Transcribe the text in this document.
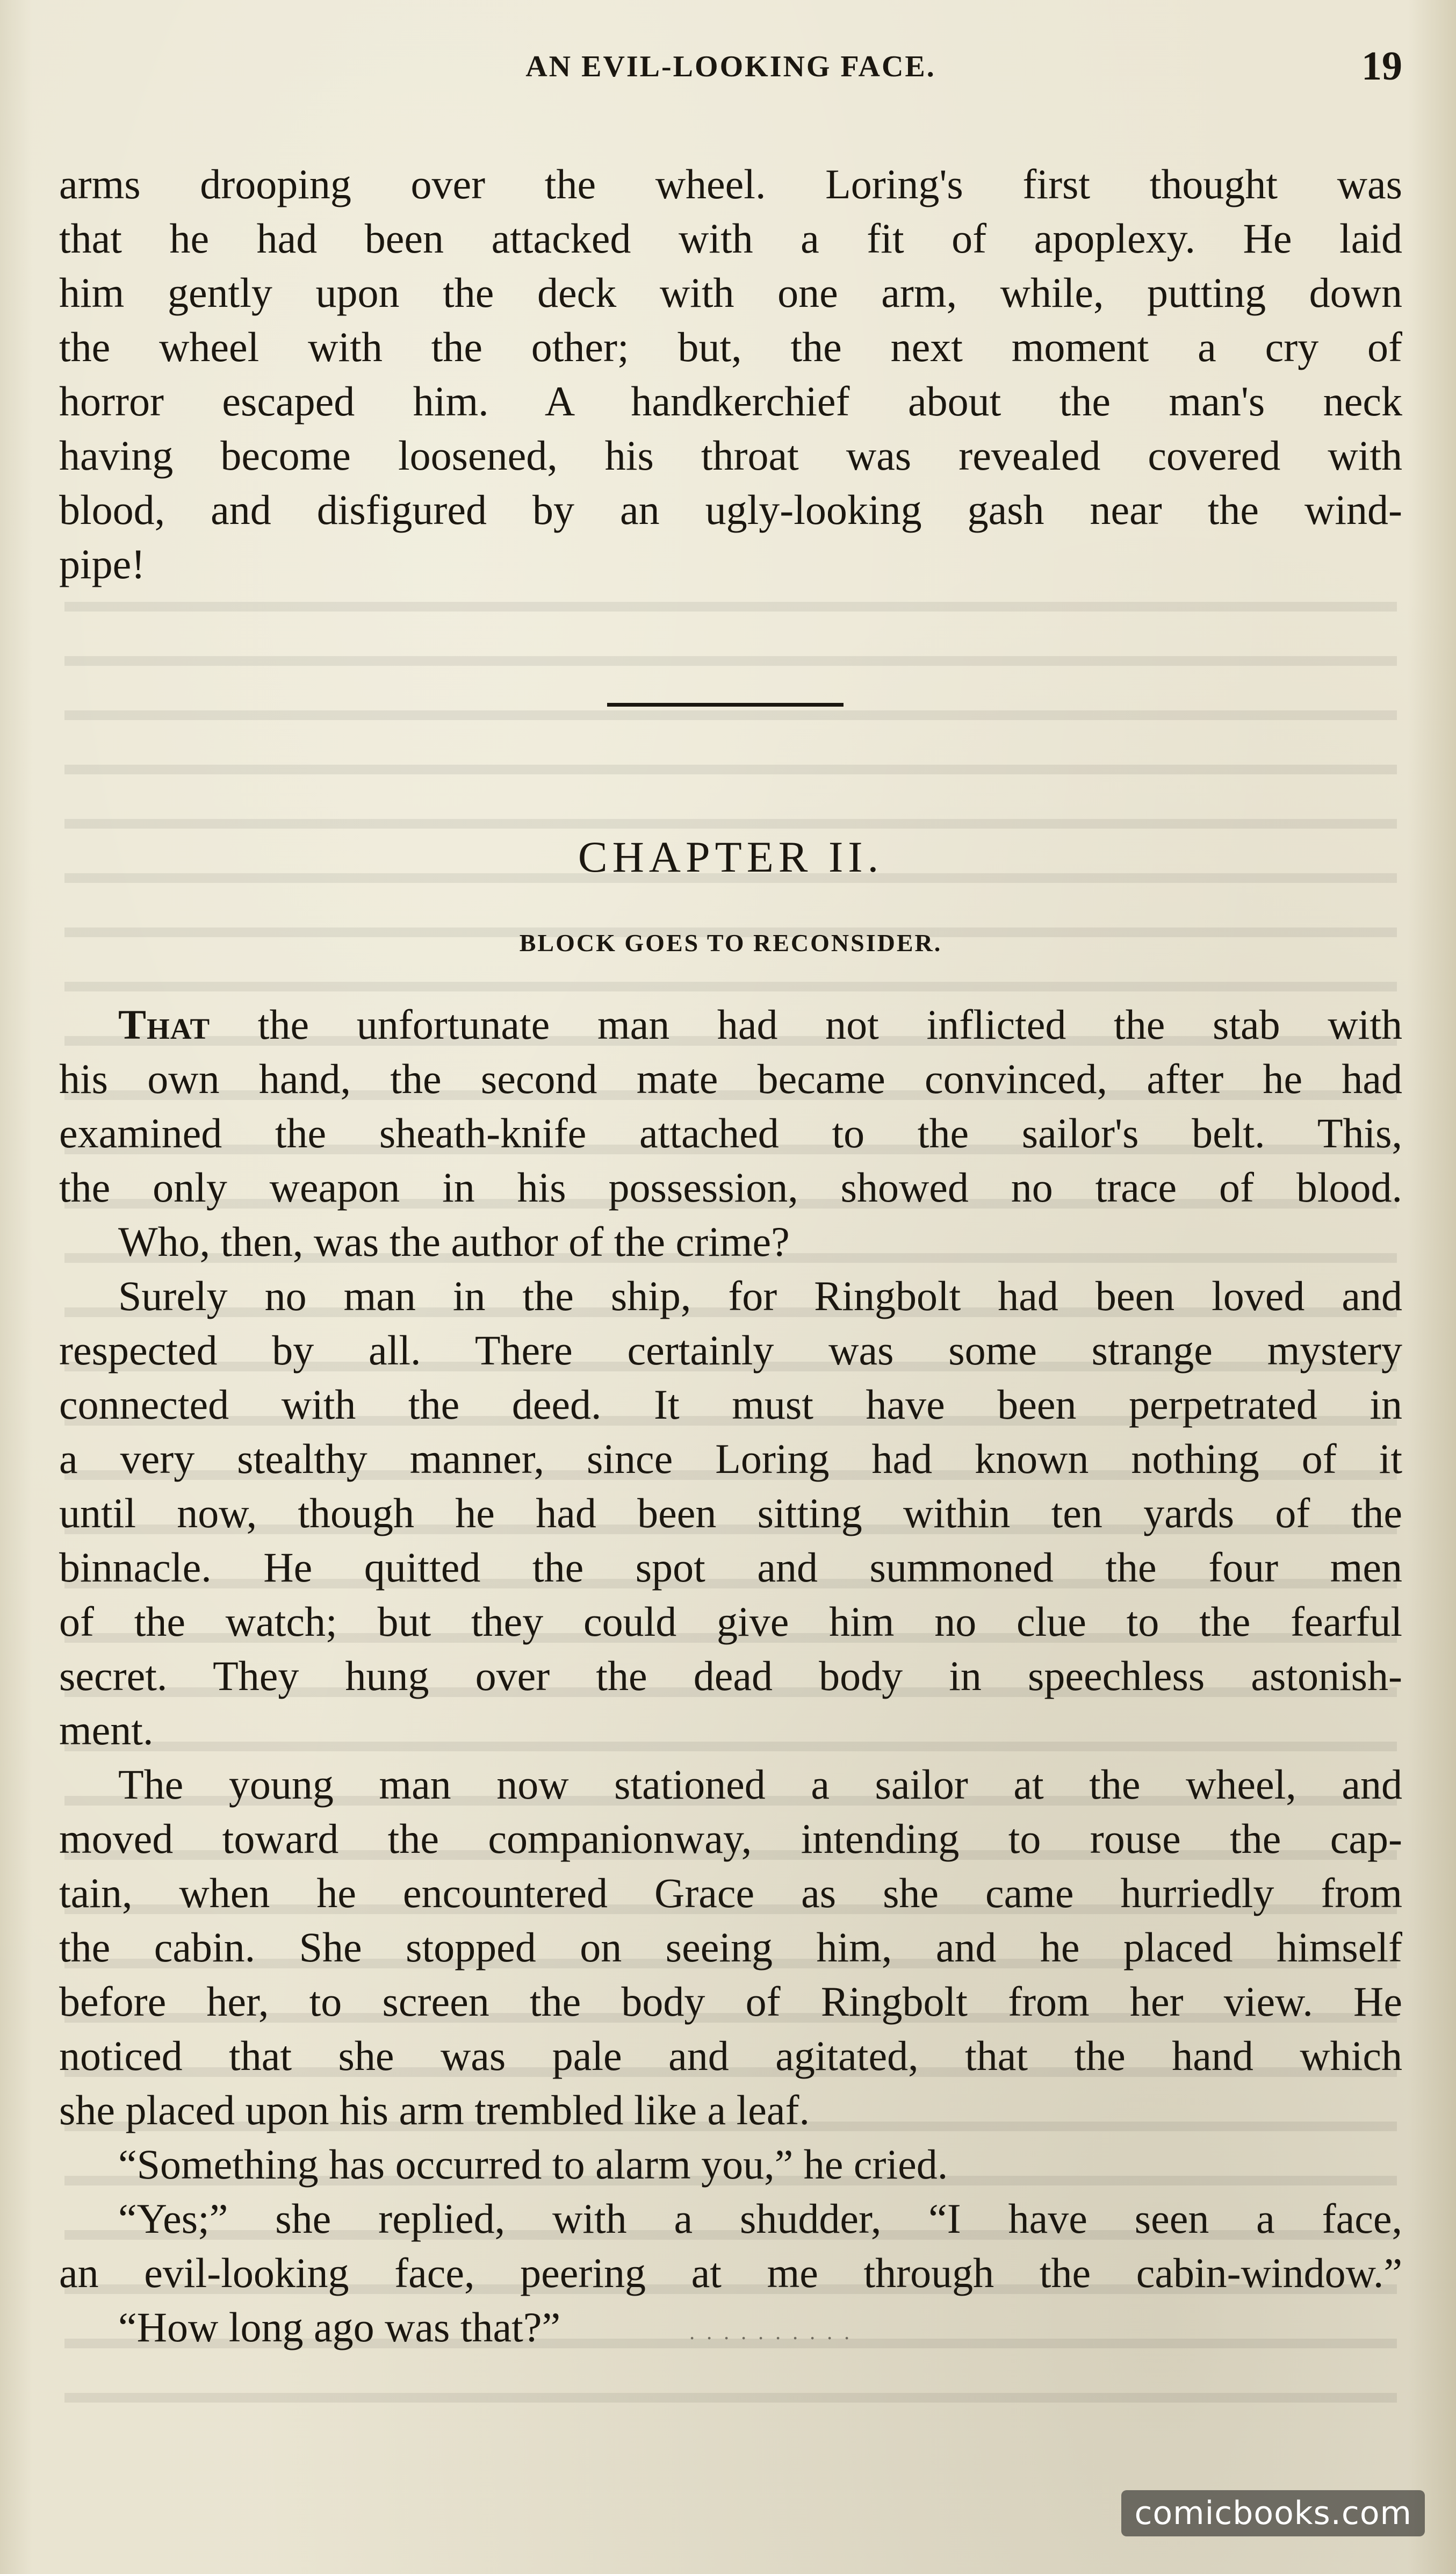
AN EVIL-LOOKING FACE.	19
arms drooping over the wheel. Loring's first thought was
that he had been attacked with a fit of apoplexy. He laid
him gently upon the deck with one arm, while, putting down
the wheel with the other; but, the next moment a cry of
horror escaped him. A handkerchief about the man's neck
having become loosened, his throat was revealed covered with
blood, and disfigured by an ugly-looking gash near the wind-
pipe!
CHAPTER II.
BLOCK GOES TO RECONSIDER.
That the unfortunate man had not inflicted the stab with
his own hand, the second mate became convinced, after he had
examined the sheath-knife attached to the sailor's belt. This,
the only weapon in his possession, showed no trace of blood.
Who, then, was the author of the crime?
Surely no man in the ship, for Ringbolt had been loved and
respected by all. There certainly was some strange mystery
connected with the deed. It must have been perpetrated in
a very stealthy manner, since Loring had known nothing of it
until now, though he had been sitting within ten yards of the
binnacle. He quitted the spot and summoned the four men
of the watch; but they could give him no clue to the fearful
secret. They hung over the dead body in speechless astonish-
ment.
The young man now stationed a sailor at the wheel, and
moved toward the companionway, intending to rouse the cap-
tain, when he encountered Grace as she came hurriedly from
the cabin. She stopped on seeing him, and he placed himself
before her, to screen the body of Ringbolt from her view. He
noticed that she was pale and agitated, that the hand which
she placed upon his arm trembled like a leaf.
“Something has occurred to alarm you,” he cried.
“Yes;” she replied, with a shudder, “I have seen a face,
an evil-looking face, peering at me through the cabin-window.”
“How long ago was that?”	. . . . . . . . . .
comicbooks.com
